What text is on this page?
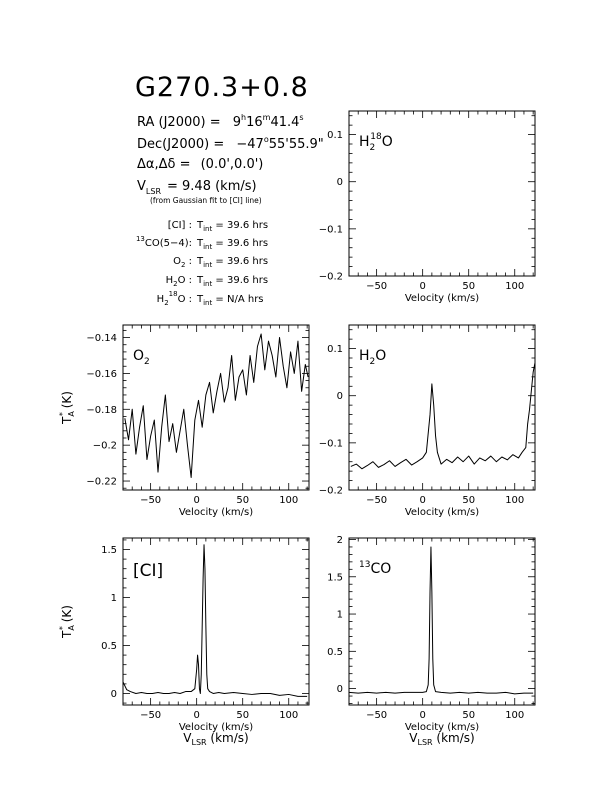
G270.3+0.8
RA $(J2000) = 9^h16^m41.4^s$
$Dec(J2000) = -47^o55'55.9$"
Δα,Δδ = (0.0',0.0')
$V_{LSR} = 9.48$ (km/s)
(from Gaussian fit to [CI] line)
[CI] : $T_{int} = 39.6$ hrs
$^{13}$CO(5−4): $T_{int} = 39.6$ hrs
$O_2$ : $T_{int} = 39.6$ hrs
$H_2O$ : $T_{int} = 39.6$ hrs
$H_2^{18}O$ : $T_{int} = N/A$ hrs
−50	0	50	100
−0.2
−0.1
0
0.1
Velocity (km/s)
$H_218O$
−50	0	50	100
−0.22
−0.2
−0.18
−0.16
−0.14
Velocity (km/s)
$T_A*$ (K)
$O_2$
−50	0	50	100
−0.2
−0.1
0
0.1
Velocity (km/s)
$H_2O$
−50	0	50	100
0
0.5
1
1.5
$V_{LSR}$ (km/s)
$T_A*$ (K)
[CI]
Velocity (km/s)
−50	0	50	100
0
0.5
1
1.5
2
$V_{LSR}$ (km/s)
$^{13}$CO
Velocity (km/s)
